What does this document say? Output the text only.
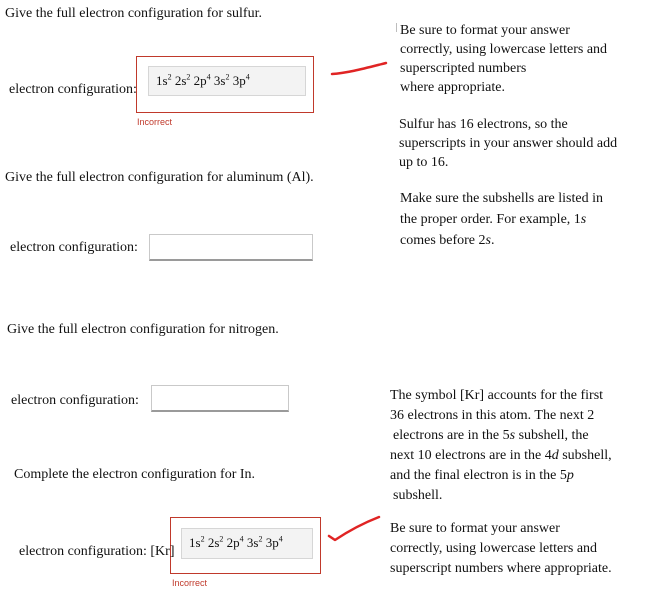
Give the full electron configuration for sulfur.
electron configuration:
$1s^2$ $2s^2$ $2p^4$ $3s^2$ $3p^4$
Incorrect
Be sure to format your answer
correctly, using lowercase letters and
superscripted numbers
where appropriate.
Sulfur has 16 electrons, so the
superscripts in your answer should add
up to 16.
Make sure the subshells are listed in
the proper order. For example, 1s
comes before 2s.
Give the full electron configuration for aluminum (Al).
electron configuration:
Give the full electron configuration for nitrogen.
electron configuration:	The symbol [Kr] accounts for the first
36 electrons in this atom. The next 2
electrons are in the 5s subshell, the
next 10 electrons are in the 4d subshell,
and the final electron is in the 5p
subshell.
Complete the electron configuration for In.
electron configuration: [Kr]
$1s^2$ $2s^2$ $2p^4$ $3s^2$ $3p^4$
Incorrect
Be sure to format your answer
correctly, using lowercase letters and
superscript numbers where appropriate.
